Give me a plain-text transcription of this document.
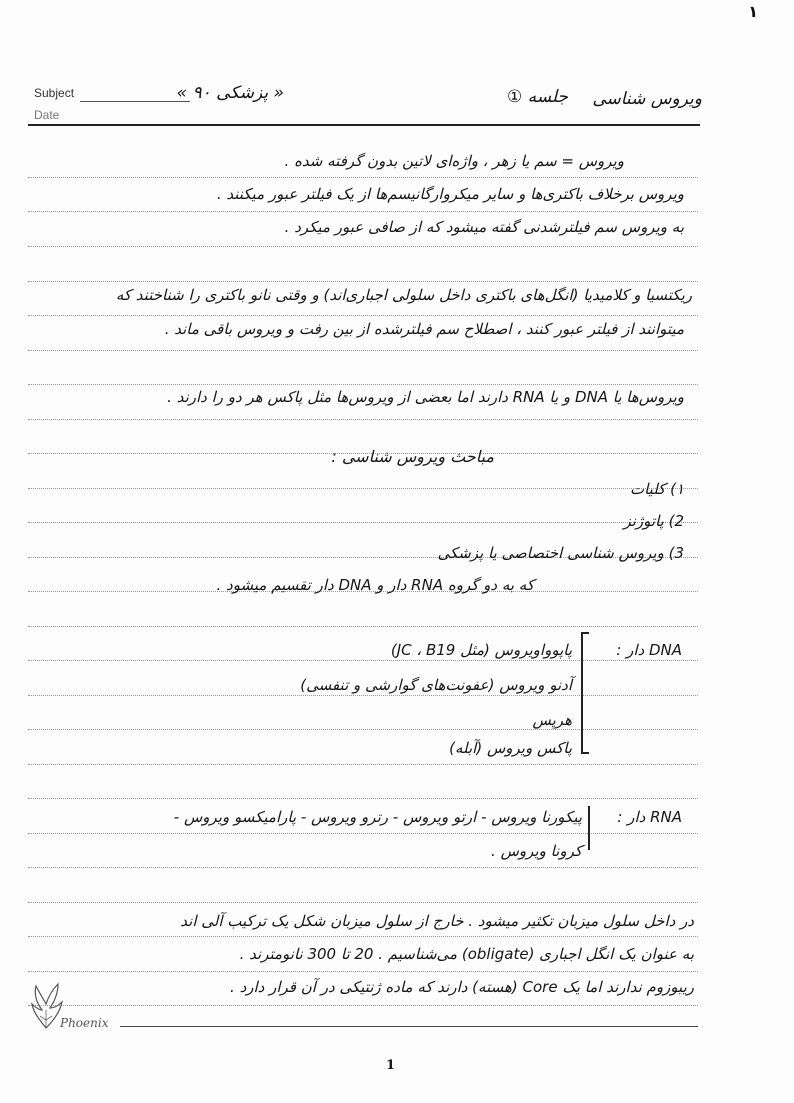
۱
Subject
Date
« پزشکی ۹۰ »	جلسه ① ویروس شناسی
ویروس = سم یا زهر ، واژه‌ای لاتین بدون گرفته شده .
ویروس برخلاف باکتری‌ها و سایر میکروارگانیسم‌ها از یک فیلتر عبور میکنند .
به ویروس سم فیلترشدنی گفته میشود که از صافی عبور میکرد .
ریکتسیا و کلامیدیا (انگل‌های باکتری داخل سلولی اجباری‌اند) و وقتی نانو باکتری را شناختند که
میتوانند از فیلتر عبور کنند ، اصطلاح سم فیلترشده از بین رفت و ویروس باقی ماند .
ویروس‌ها یا DNA و یا RNA دارند اما بعضی از ویروس‌ها مثل پاکس هر دو را دارند .
مباحث ویروس شناسی :
۱) کلیات
2) پاتوژنز
3) ویروس شناسی اختصاصی یا پزشکی
که به دو گروه RNA دار و DNA دار تقسیم میشود .
DNA دار :
پاپوواویروس (مثل JC ، B19)
آدنو ویروس (عفونت‌های گوارشی و تنفسی)
هرپس
پاکس ویروس (آبله)
RNA دار :
پیکورنا ویروس - ارتو ویروس - رترو ویروس - پارامیکسو ویروس -
کرونا ویروس .
در داخل سلول میزبان تکثیر میشود . خارج از سلول میزبان شکل یک ترکیب آلی اند
به عنوان یک انگل اجباری (obligate) می‌شناسیم . 20 تا 300 نانومترند .
ریبوزوم ندارند اما یک Core (هسته) دارند که ماده ژنتیکی در آن قرار دارد .
Phoenix
1
